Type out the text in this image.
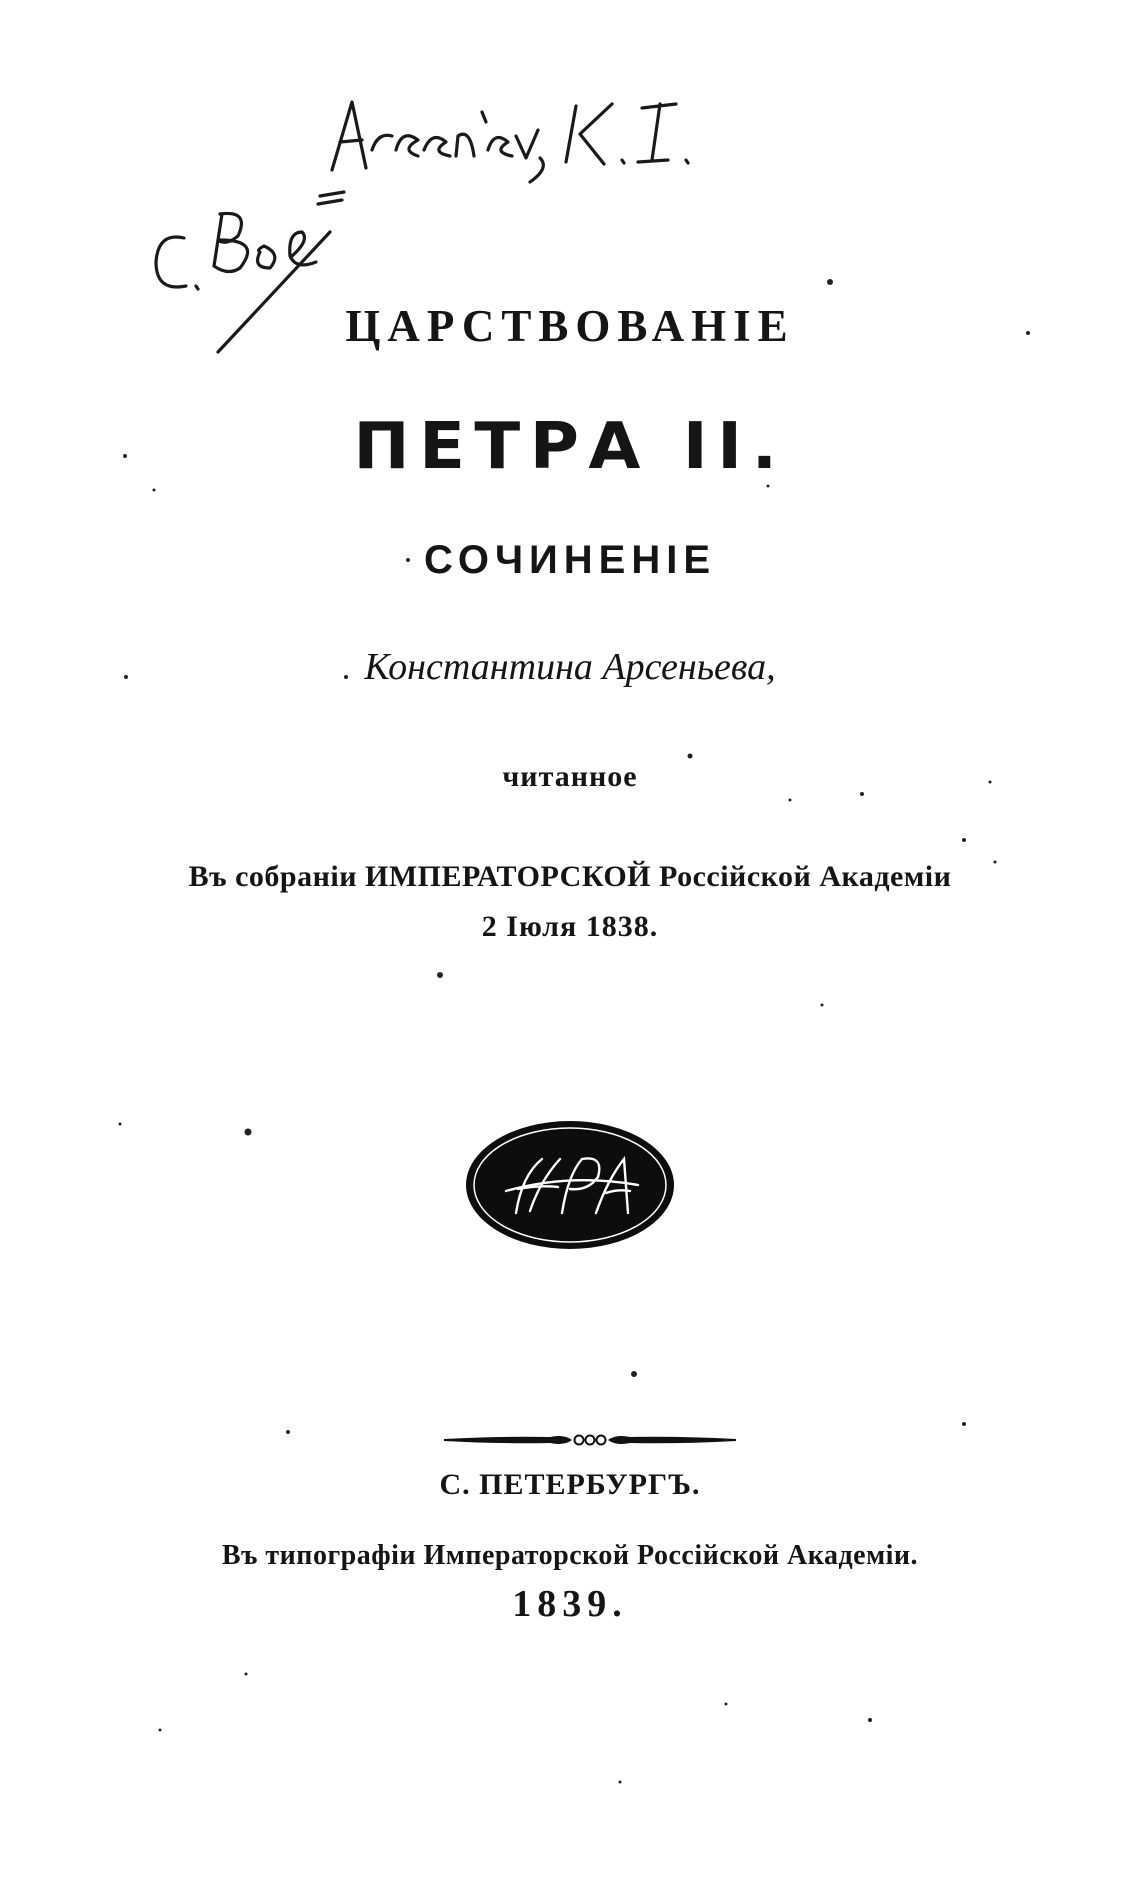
ЦАРСТВОВАНІЕ
ПЕТРА II.
СОЧИНЕНІЕ
Константина Арсеньева,
читанное
Въ собраніи ИМПЕРАТОРСКОЙ Россійской Академіи
2 Іюля 1838.
С. ПЕТЕРБУРГЪ.
Въ типографіи Императорской Россійской Академіи.
1839.
